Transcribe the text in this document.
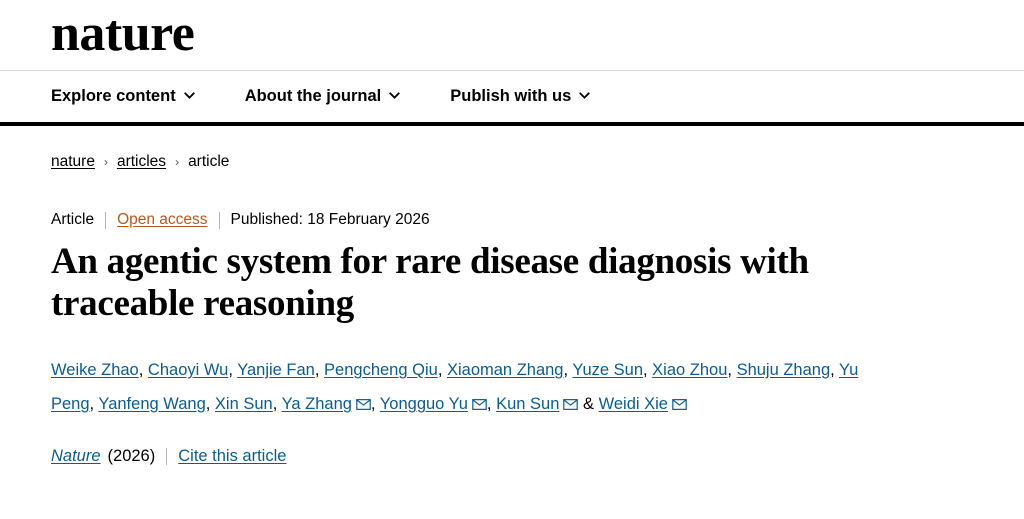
nature
Explore content	About the journal	Publish with us
nature › articles › article
Article Open access Published: 18 February 2026
An agentic system for rare disease diagnosis with traceable reasoning
Weike Zhao, Chaoyi Wu, Yanjie Fan, Pengcheng Qiu, Xiaoman Zhang, Yuze Sun, Xiao Zhou, Shuju Zhang, Yu Peng, Yanfeng Wang, Xin Sun, Ya Zhang , Yongguo Yu , Kun Sun
& Weidi Xie
Nature (2026) Cite this article
